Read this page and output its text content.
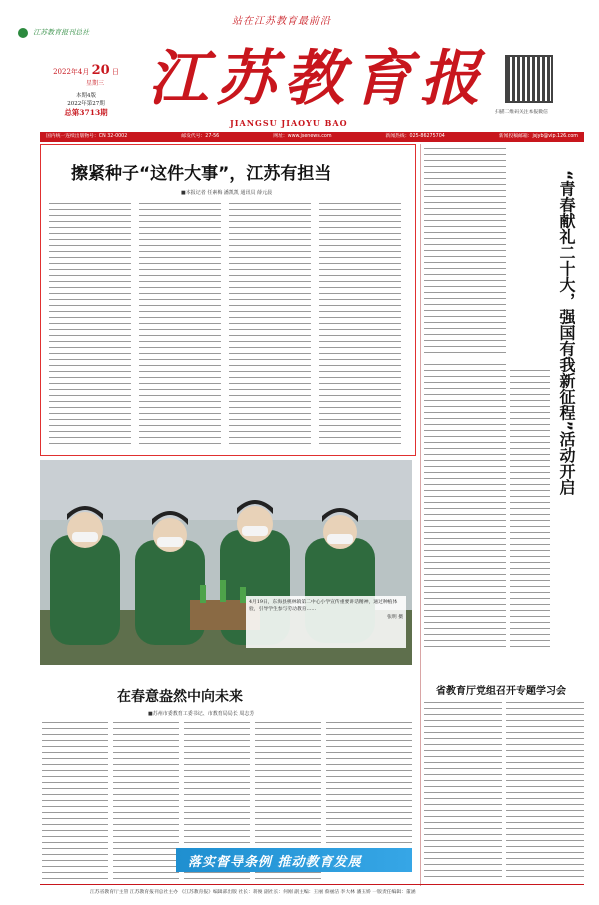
江苏教育报刊总社
站在江苏教育最前沿
2022年4月 20 日
星期三
本期4版
2022年第27期
总第3713期 江苏教育报
JIANGSU JIAOYU BAO
扫描二维码关注本报微信
国内统一连续出版物号：CN 32-0002	邮发代号：27-56	网址：www.jsenews.com	新闻热线：025-86275704	新闻投稿邮箱：jsjyb@vip.126.com
擦紧种子“这件大事”，江苏有担当
■本报记者 任素梅 潘凯凯 通讯员 薛元晨
4月19日，东海县桃林镇第二中心小学宣传重要讲话精神，通过种植体验，引导学生参与劳动教育……
张明 摄
在春意盎然中向未来
■苏州市委教育工委书记、市教育局局长 周志芳
落实督导条例 推动教育发展
“青春献礼二十大，强国有我新征程”活动开启
省教育厅党组召开专题学习会
江苏省教育厅主管 江苏教育报刊总社主办 《江苏教育报》编辑部出版 社长：蒋俊 副社长：何刚 副主编：王丽 蔡丽洁 李大林 潘玉娇 一版责任编辑：董涵
